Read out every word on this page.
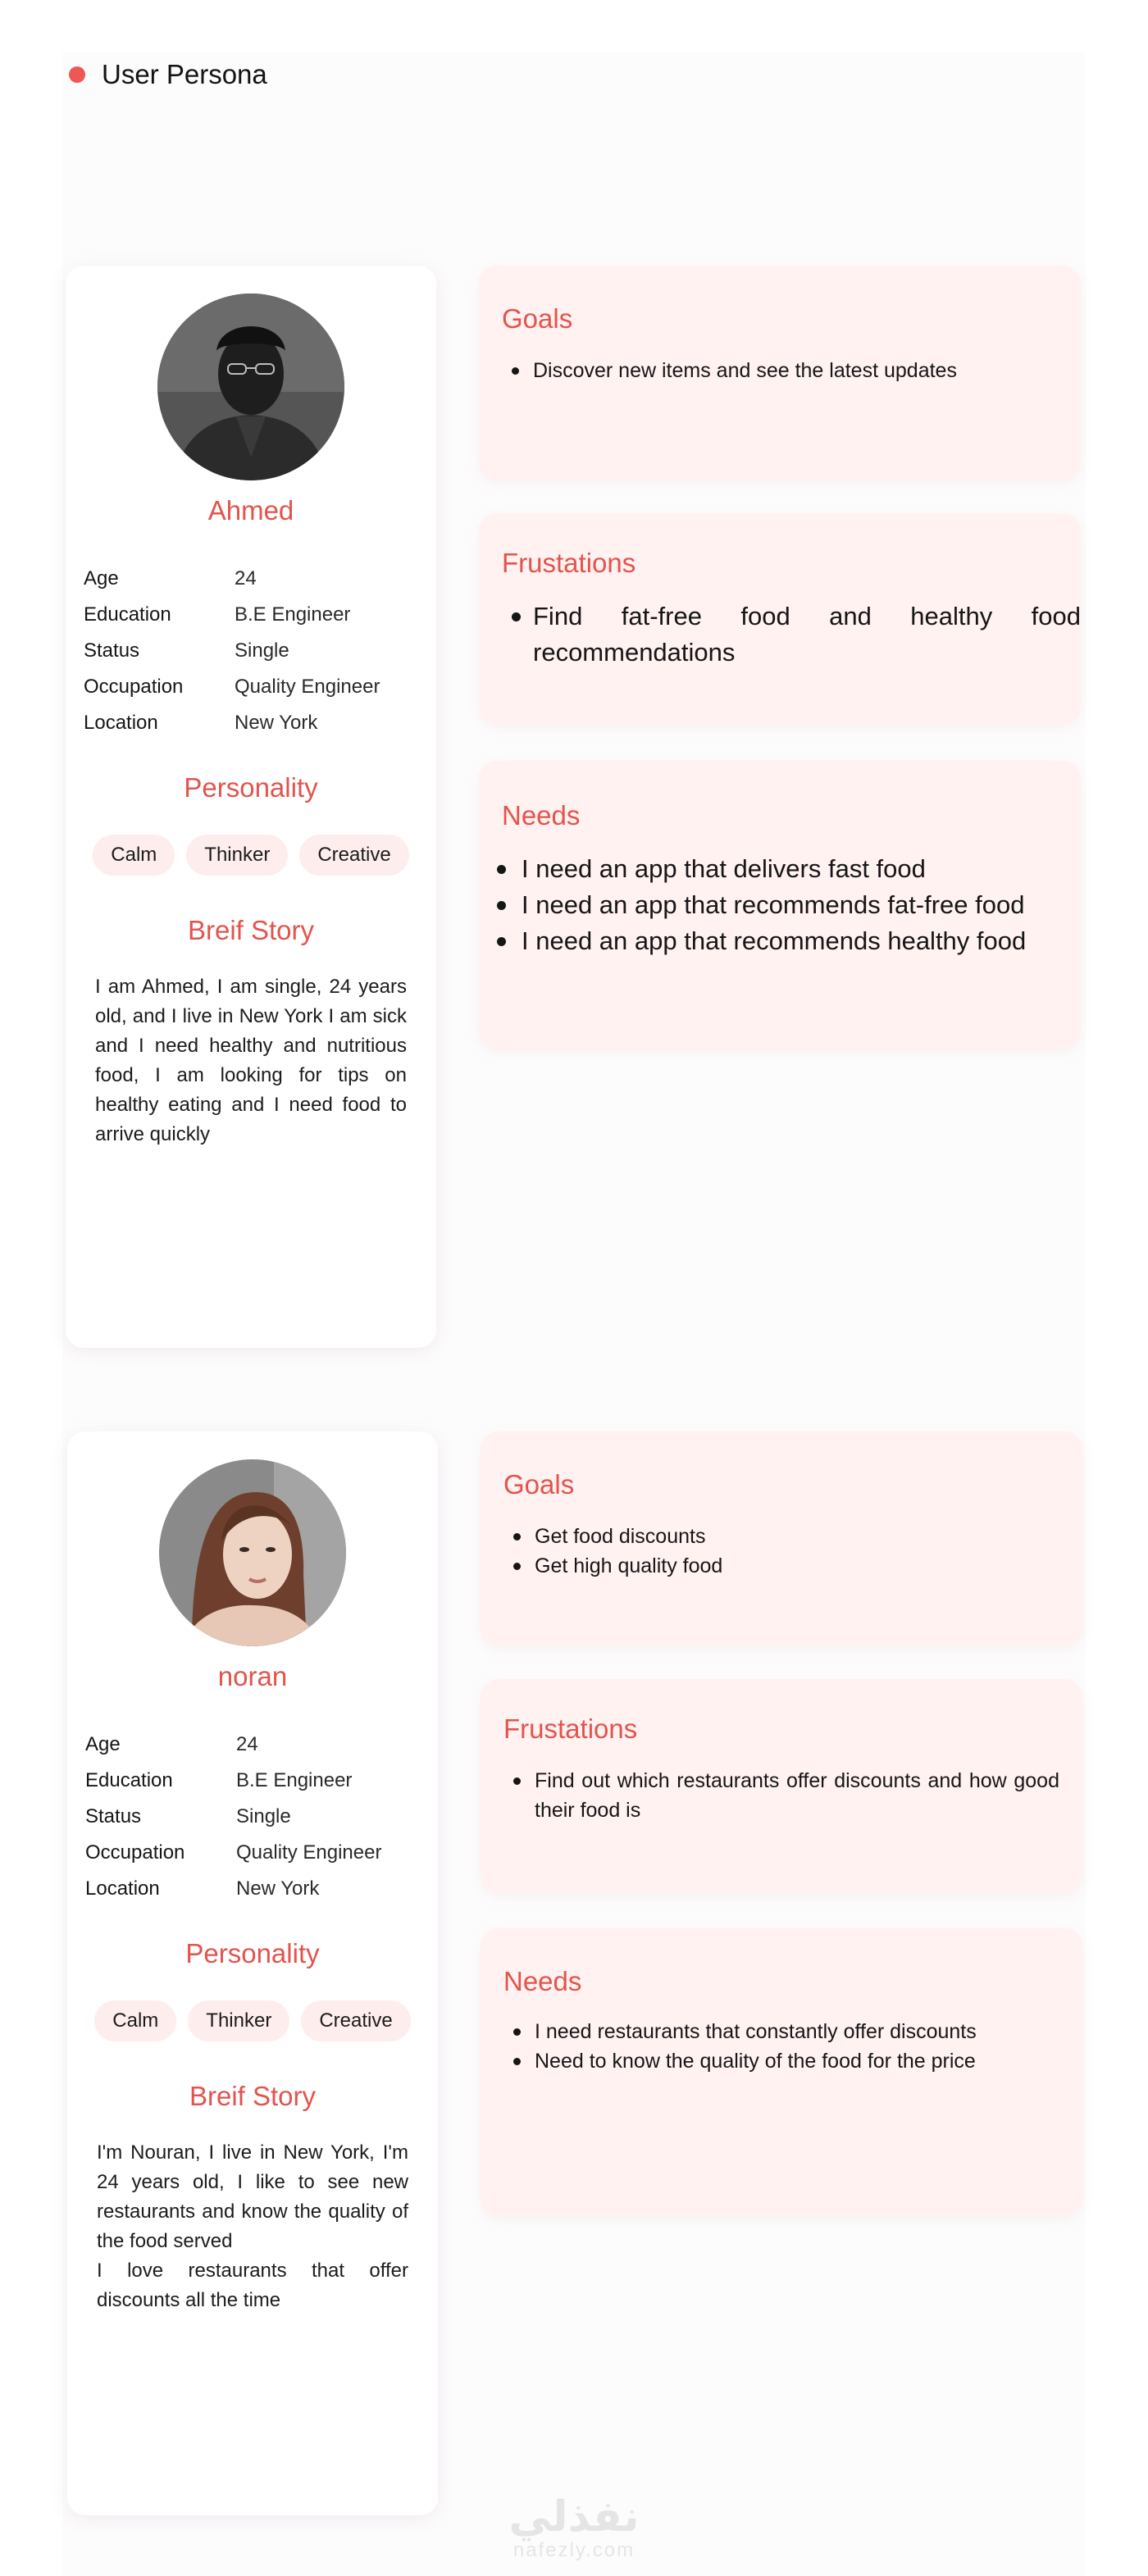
User Persona
Ahmed
Age	24
Education	B.E Engineer
Status	Single
Occupation	Quality Engineer
Location	New York
Personality
Calm	Thinker	Creative
Breif Story
I am Ahmed, I am single, 24 years old, and I live in New York I am sick and I need healthy and nutritious food, I am looking for tips on healthy eating and I need food to arrive quickly
Goals
Discover new items and see the latest updates
Frustations
Find fat-free food and healthy food recommendations
Needs
I need an app that delivers fast food
I need an app that recommends fat-free food
I need an app that recommends healthy food
noran
Age	24
Education	B.E Engineer
Status	Single
Occupation	Quality Engineer
Location	New York
Personality
Calm	Thinker	Creative
Breif Story
I'm Nouran, I live in New York, I'm 24 years old, I like to see new restaurants and know the quality of the food served
I love restaurants that offer discounts all the time
Goals
Get food discounts
Get high quality food
Frustations
Find out which restaurants offer discounts and how good their food is
Needs
I need restaurants that constantly offer discounts
Need to know the quality of the food for the price
نفذلي
nafezly.com
